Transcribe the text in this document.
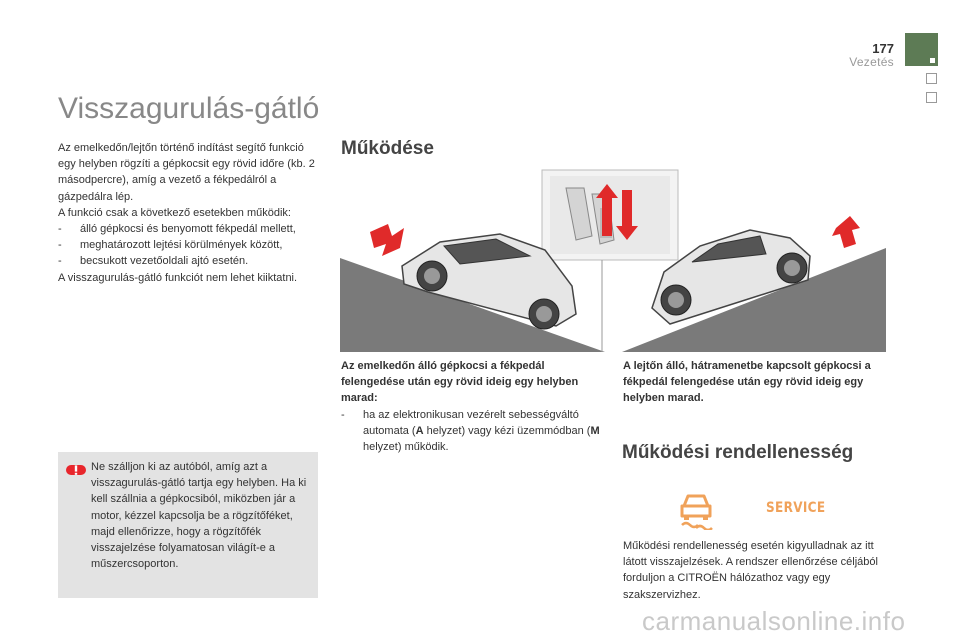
177
Vezetés
Visszagurulás-gátló

Az emelkedőn/lejtőn történő indítást segítő funkció egy helyben rögzíti a gépkocsit egy rövid időre (kb. 2 másodpercre), amíg a vezető a fékpedálról a gázpedálra lép.

A funkció csak a következő esetekben működik:

-	álló gépkocsi és benyomott fékpedál mellett,
-	meghatározott lejtési körülmények között,
-	becsukott vezetőoldali ajtó esetén.

A visszagurulás-gátló funkciót nem lehet kiiktatni.

Ne szálljon ki az autóból, amíg azt a visszagurulás-gátló tartja egy helyben. Ha ki kell szállnia a gépkocsiból, miközben jár a motor, kézzel kapcsolja be a rögzítőféket, majd ellenőrizze, hogy a rögzítőfék visszajelzése folyamatosan világít-e a műszercsoporton.

Működése

Az emelkedőn álló gépkocsi a fékpedál felengedése után egy rövid ideig egy helyben marad:

-	ha az elektronikusan vezérelt sebességváltó automata (A helyzet) vagy kézi üzemmódban (M helyzet) működik.

A lejtőn álló, hátramenetbe kapcsolt gépkocsi a fékpedál felengedése után egy rövid ideig egy helyben marad.

Működési rendellenesség
SERVICE

Működési rendellenesség esetén kigyulladnak az itt látott visszajelzések. A rendszer ellenőrzése céljából forduljon a CITROËN hálózathoz vagy egy szakszervizhez.

carmanualsonline.info
